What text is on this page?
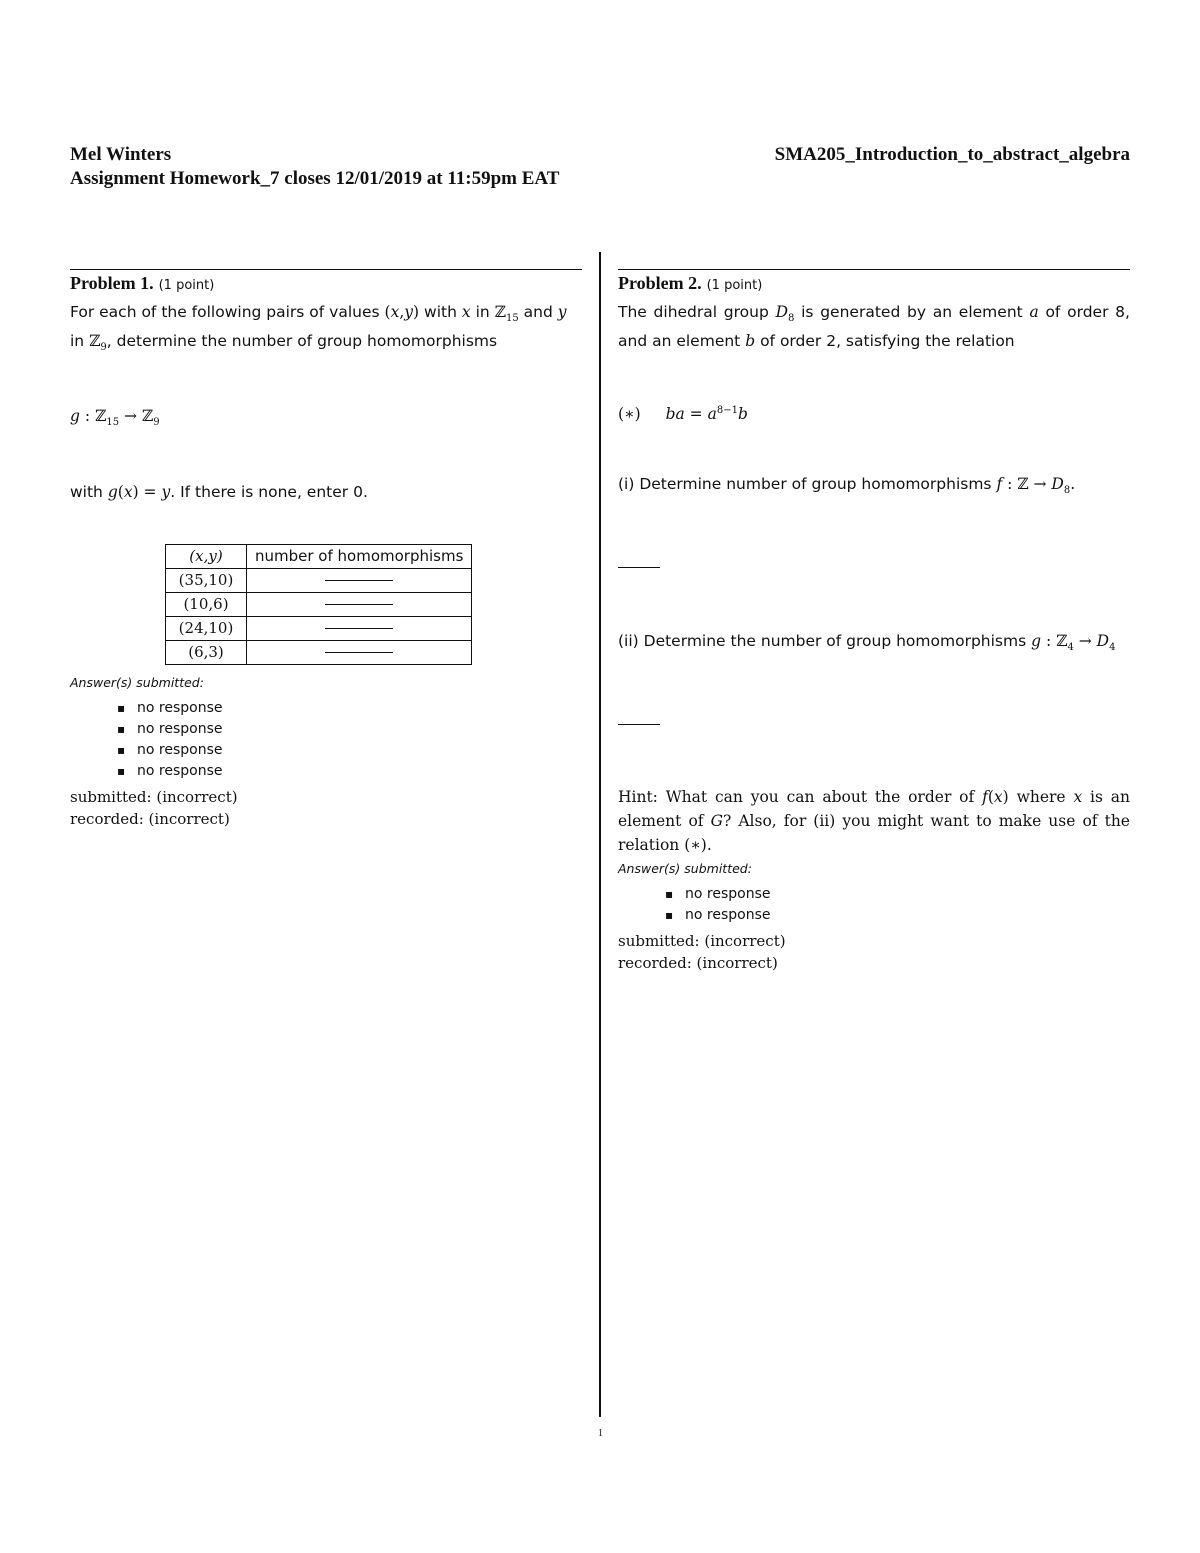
Mel Winters
Assignment Homework_7 closes 12/01/2019 at 11:59pm EAT
SMA205_Introduction_to_abstract_algebra

Problem 1. (1 point)

For each of the following pairs of values (x,y) with x in ℤ$_{15}$ and y in ℤ$_9$, determine the number of group homomorphisms

g : ℤ$_{15}$ → ℤ$_9$

with g(x) = y. If there is none, enter 0.

(x,y)	number of homomorphisms
(35,10)	
(10,6)	
(24,10)	
(6,3)	
Answer(s) submitted:
▪ no response
▪ no response
▪ no response
▪ no response
submitted: (incorrect)
recorded: (incorrect)

Problem 2. (1 point)

The dihedral group $D_8$ is generated by an element a of order 8, and an element b of order 2, satisfying the relation

(∗) ba = $a^{8-1}b$

(i) Determine number of group homomorphisms f : ℤ → $D_8$.

(ii) Determine the number of group homomorphisms g : ℤ$_4$ → $D_4$

Hint: What can you can about the order of f(x) where x is an element of G? Also, for (ii) you might want to make use of the relation (∗).

Answer(s) submitted:
▪ no response
▪ no response
submitted: (incorrect)
recorded: (incorrect)
1
